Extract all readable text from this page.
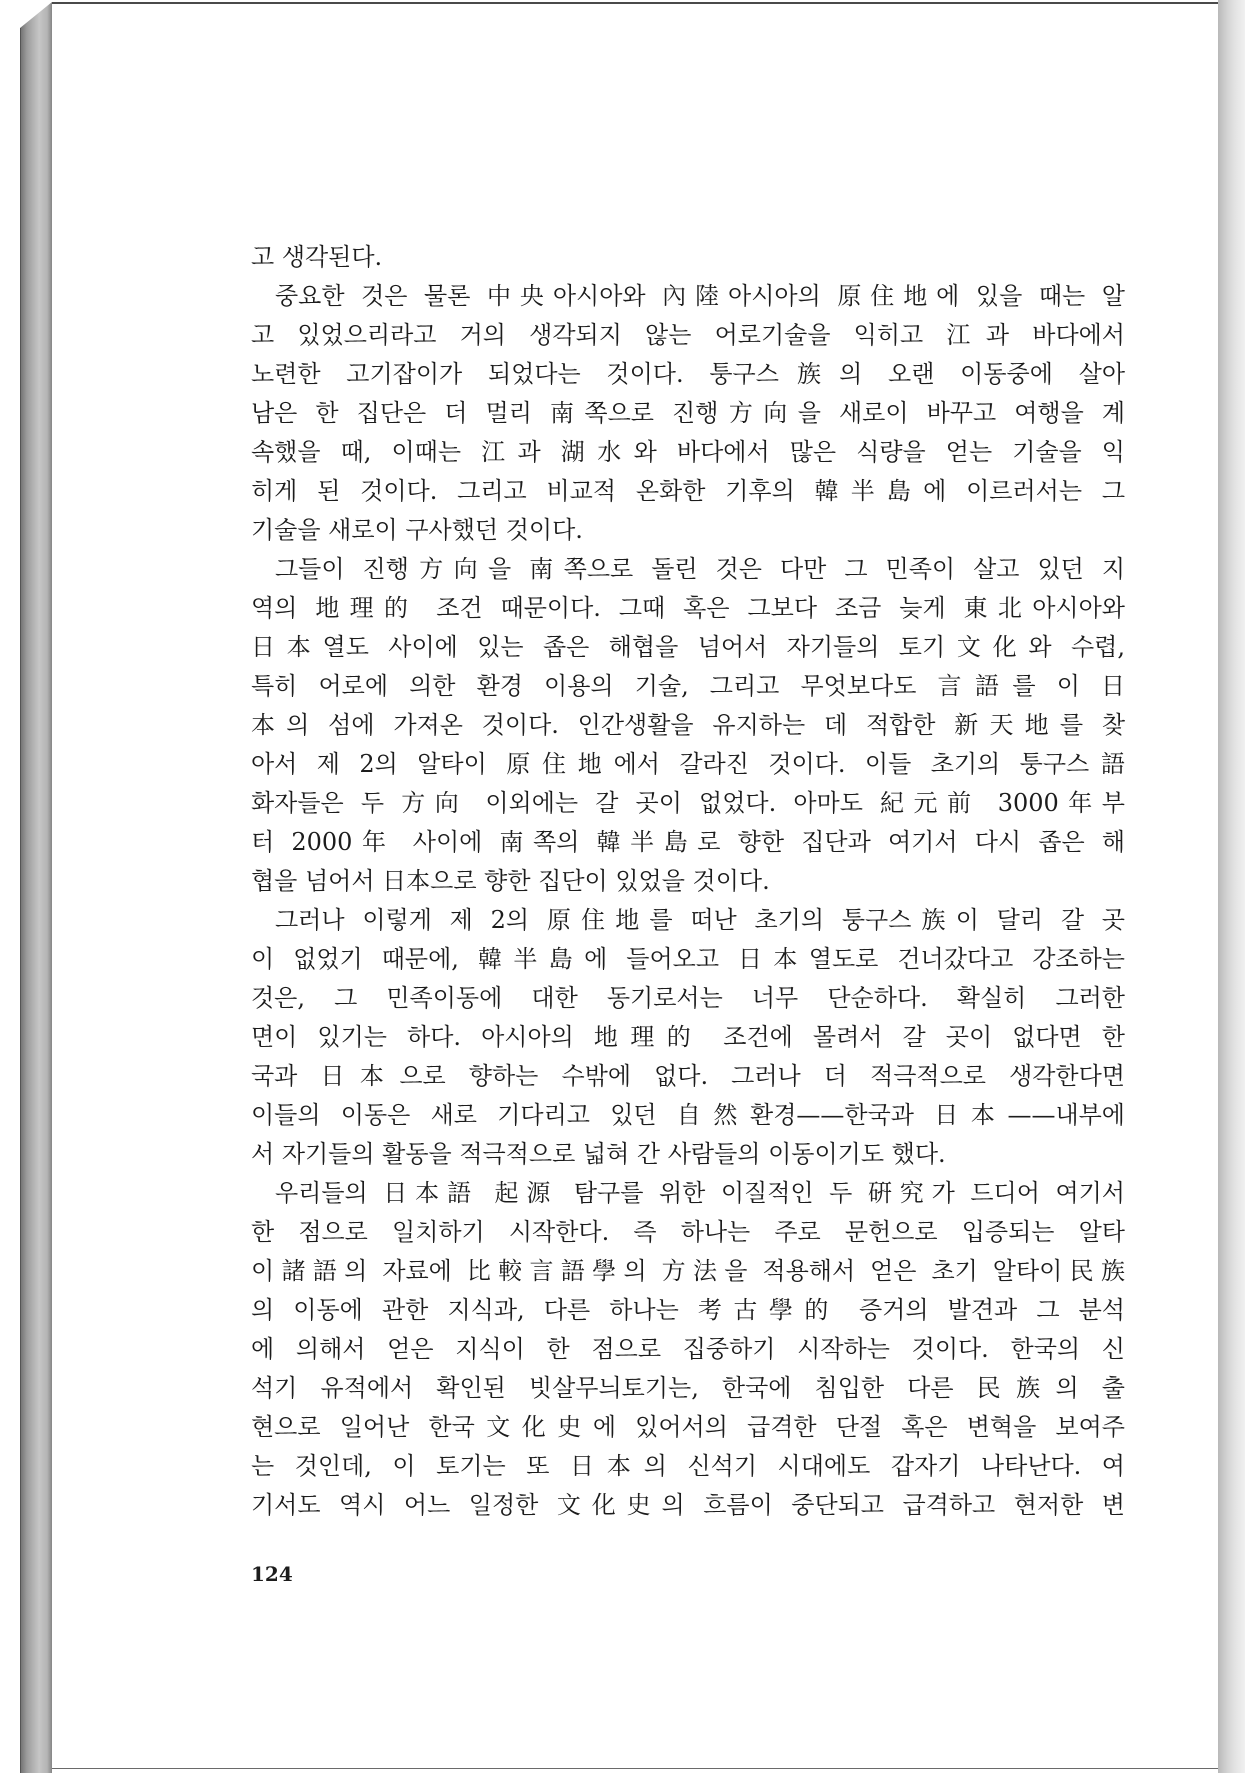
고 생각된다.
중요한 것은 물론 中央아시아와 內陸아시아의 原住地에 있을 때는 알
고 있었으리라고 거의 생각되지 않는 어로기술을 익히고 江과 바다에서
노련한 고기잡이가 되었다는 것이다. 퉁구스族의 오랜 이동중에 살아
남은 한 집단은 더 멀리 南쪽으로 진행方向을 새로이 바꾸고 여행을 계
속했을 때, 이때는 江과 湖水와 바다에서 많은 식량을 얻는 기술을 익
히게 된 것이다. 그리고 비교적 온화한 기후의 韓半島에 이르러서는 그
기술을 새로이 구사했던 것이다.
그들이 진행方向을 南쪽으로 돌린 것은 다만 그 민족이 살고 있던 지
역의 地理的 조건 때문이다. 그때 혹은 그보다 조금 늦게 東北아시아와
日本열도 사이에 있는 좁은 해협을 넘어서 자기들의 토기文化와 수렵,
특히 어로에 의한 환경 이용의 기술, 그리고 무엇보다도 言語를 이 日
本의 섬에 가져온 것이다. 인간생활을 유지하는 데 적합한 新天地를 찾
아서 제 2의 알타이 原住地에서 갈라진 것이다. 이들 초기의 퉁구스語
화자들은 두 方向 이외에는 갈 곳이 없었다. 아마도 紀元前 3000年부
터 2000年 사이에 南쪽의 韓半島로 향한 집단과 여기서 다시 좁은 해
협을 넘어서 日本으로 향한 집단이 있었을 것이다.
그러나 이렇게 제 2의 原住地를 떠난 초기의 퉁구스族이 달리 갈 곳
이 없었기 때문에, 韓半島에 들어오고 日本열도로 건너갔다고 강조하는
것은, 그 민족이동에 대한 동기로서는 너무 단순하다. 확실히 그러한
면이 있기는 하다. 아시아의 地理的 조건에 몰려서 갈 곳이 없다면 한
국과 日本으로 향하는 수밖에 없다. 그러나 더 적극적으로 생각한다면
이들의 이동은 새로 기다리고 있던 自然환경——한국과 日本——내부에
서 자기들의 활동을 적극적으로 넓혀 간 사람들의 이동이기도 했다.
우리들의 日本語 起源 탐구를 위한 이질적인 두 硏究가 드디어 여기서
한 점으로 일치하기 시작한다. 즉 하나는 주로 문헌으로 입증되는 알타
이諸語의 자료에 比較言語學의 方法을 적용해서 얻은 초기 알타이民族
의 이동에 관한 지식과, 다른 하나는 考古學的 증거의 발견과 그 분석
에 의해서 얻은 지식이 한 점으로 집중하기 시작하는 것이다. 한국의 신
석기 유적에서 확인된 빗살무늬토기는, 한국에 침입한 다른 民族의 출
현으로 일어난 한국文化史에 있어서의 급격한 단절 혹은 변혁을 보여주
는 것인데, 이 토기는 또 日本의 신석기 시대에도 갑자기 나타난다. 여
기서도 역시 어느 일정한 文化史의 흐름이 중단되고 급격하고 현저한 변
124
